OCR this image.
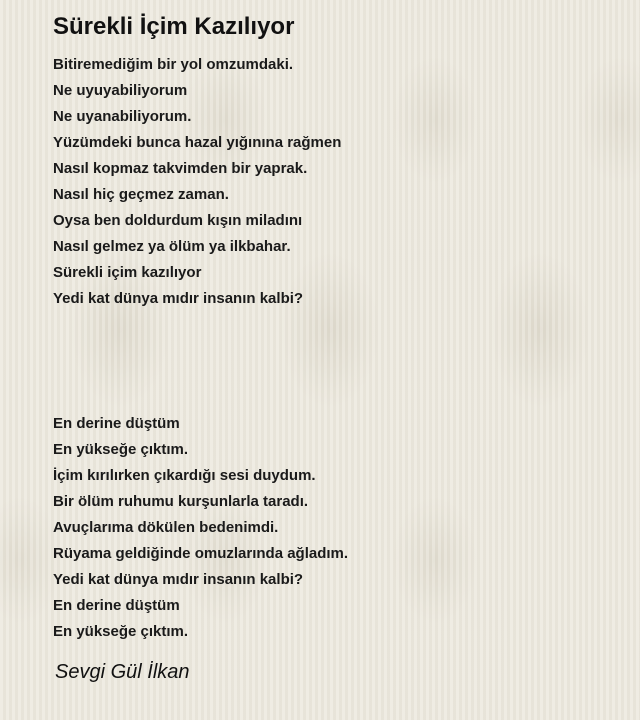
Sürekli İçim Kazılıyor
Bitiremediğim bir yol omzumdaki.
Ne uyuyabiliyorum
Ne uyanabiliyorum.
Yüzümdeki bunca hazal yığınına rağmen
Nasıl kopmaz takvimden bir yaprak.
Nasıl hiç geçmez zaman.
Oysa ben doldurdum kışın miladını
Nasıl gelmez ya ölüm ya ilkbahar.
Sürekli içim kazılıyor
Yedi kat dünya mıdır insanın kalbi?
En derine düştüm
En yükseğe çıktım.
İçim kırılırken çıkardığı sesi duydum.
Bir ölüm ruhumu kurşunlarla taradı.
Avuçlarıma dökülen bedenimdi.
Rüyama geldiğinde omuzlarında ağladım.
Yedi kat dünya mıdır insanın kalbi?
En derine düştüm
En yükseğe çıktım.

Sevgi Gül İlkan
